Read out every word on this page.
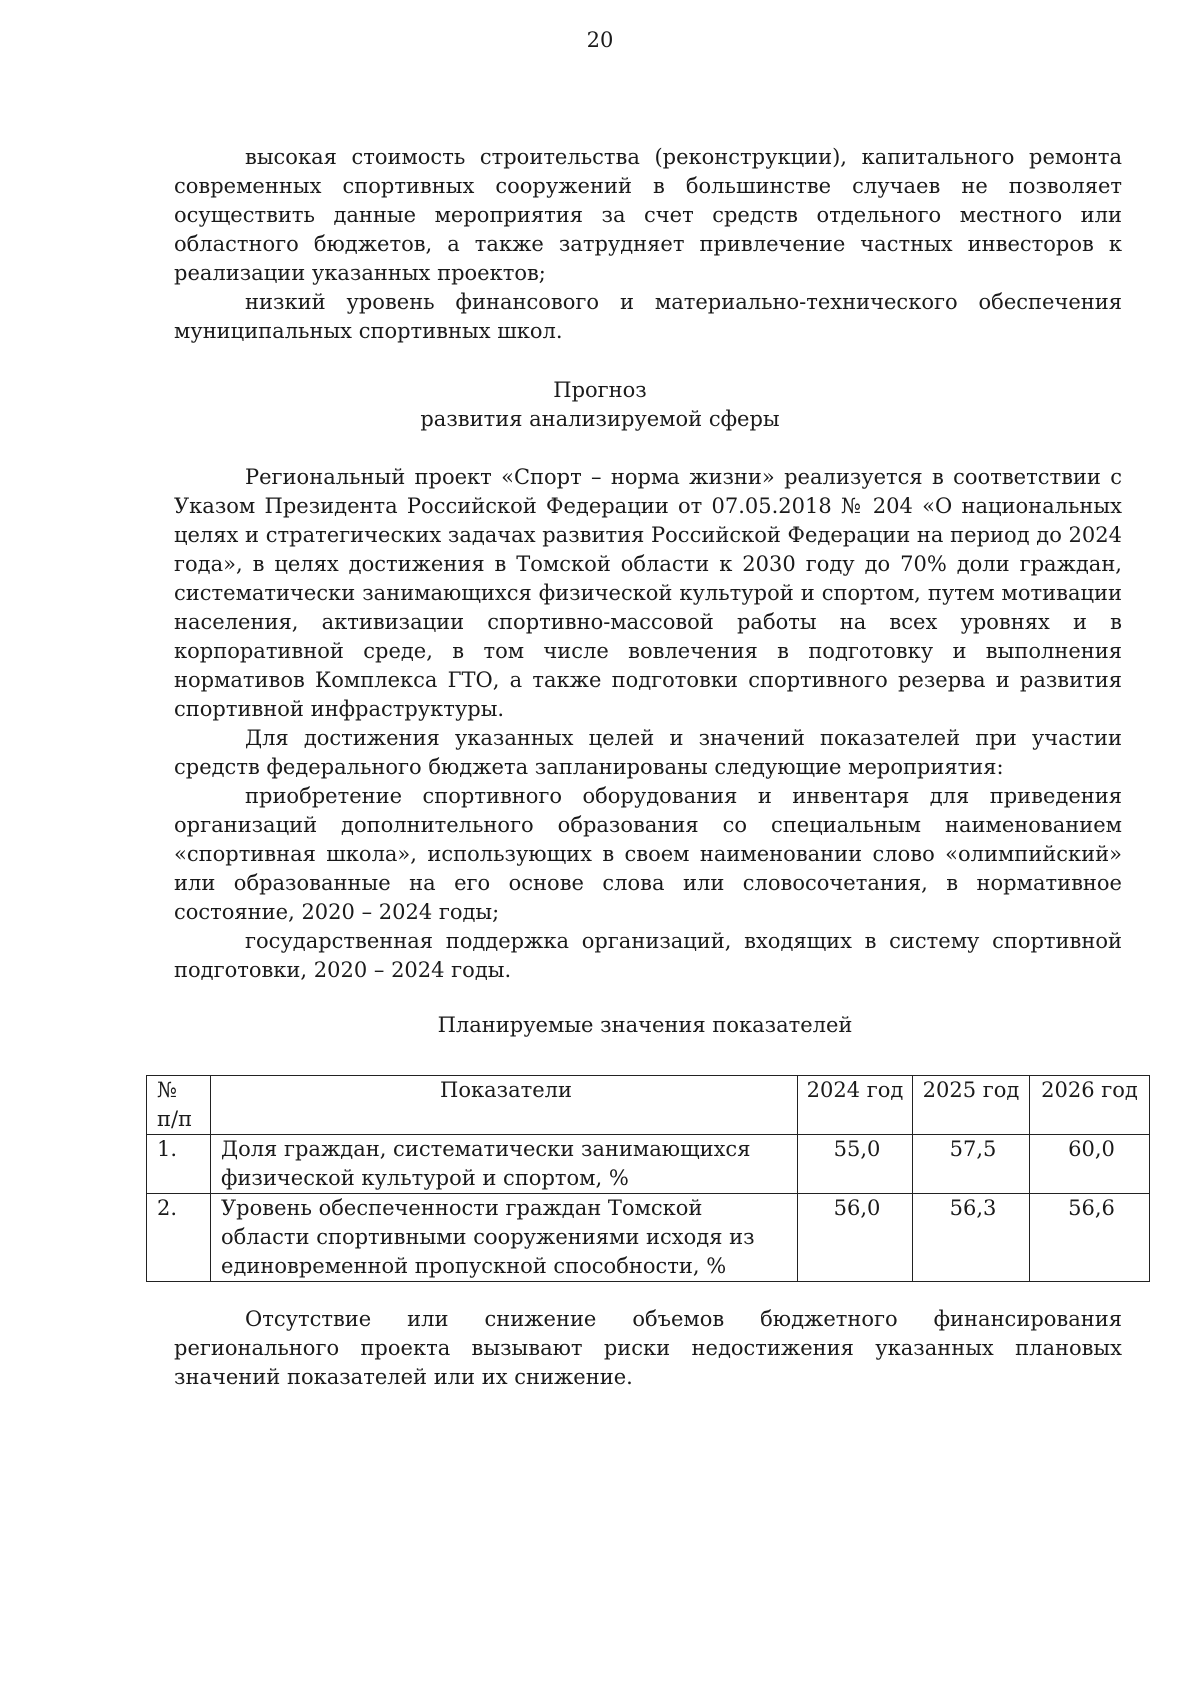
20

высокая стоимость строительства (реконструкции), капитального ремонта современных спортивных сооружений в большинстве случаев не позволяет осуществить данные мероприятия за счет средств отдельного местного или областного бюджетов, а также затрудняет привлечение частных инвесторов к реализации указанных проектов;

низкий уровень финансового и материально-технического обеспечения муниципальных спортивных школ.

Прогноз
развития анализируемой сферы

Региональный проект «Спорт – норма жизни» реализуется в соответствии с Указом Президента Российской Федерации от 07.05.2018 № 204 «О национальных целях и стратегических задачах развития Российской Федерации на период до 2024 года», в целях достижения в Томской области к 2030 году до 70% доли граждан, систематически занимающихся физической культурой и спортом, путем мотивации населения, активизации спортивно-массовой работы на всех уровнях и в корпоративной среде, в том числе вовлечения в подготовку и выполнения нормативов Комплекса ГТО, а также подготовки спортивного резерва и развития спортивной инфраструктуры.

Для достижения указанных целей и значений показателей при участии средств федерального бюджета запланированы следующие мероприятия:

приобретение спортивного оборудования и инвентаря для приведения организаций дополнительного образования со специальным наименованием «спортивная школа», использующих в своем наименовании слово «олимпийский» или образованные на его основе слова или словосочетания, в нормативное состояние, 2020 – 2024 годы;

государственная поддержка организаций, входящих в систему спортивной подготовки, 2020 – 2024 годы.

Планируемые значения показателей
№ п/п	Показатели	2024 год	2025 год	2026 год
1.	Доля граждан, систематически занимающихся физической культурой и спортом, %	55,0	57,5	60,0
2.	Уровень обеспеченности граждан Томской области спортивными сооружениями исходя из единовременной пропускной способности, %	56,0	56,3	56,6

Отсутствие или снижение объемов бюджетного финансирования регионального проекта вызывают риски недостижения указанных плановых значений показателей или их снижение.
